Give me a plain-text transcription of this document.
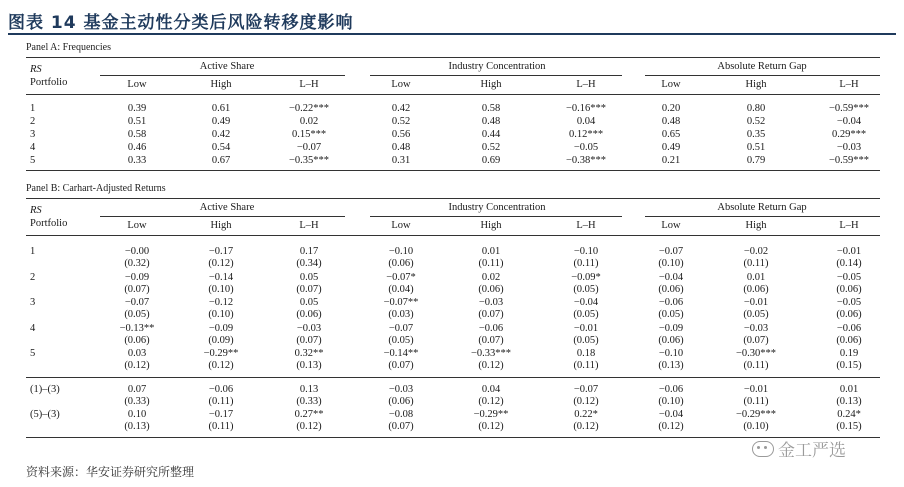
图表 14 基金主动性分类后风险转移度影响
Panel A: Frequencies
Panel B: Carhart-Adjusted Returns
RS
Portfolio
Active Share
Low	High	L–H
Industry Concentration
Low	High	L–H
Absolute Return Gap
Low	High	L–H
1	0.39	0.61	−0.22***	0.42	0.58	−0.16***	0.20	0.80	−0.59***
2	0.51	0.49	0.02	0.52	0.48	0.04	0.48	0.52	−0.04
3	0.58	0.42	0.15***	0.56	0.44	0.12***	0.65	0.35	0.29***
4	0.46	0.54	−0.07	0.48	0.52	−0.05	0.49	0.51	−0.03
5	0.33	0.67	−0.35***	0.31	0.69	−0.38***	0.21	0.79	−0.59***
RS
Portfolio
Active Share
Low	High	L–H
Industry Concentration
Low	High	L–H
Absolute Return Gap
Low	High	L–H
1	−0.00	−0.17	0.17	−0.10	0.01	−0.10	−0.07	−0.02	−0.01
(0.32)	(0.12)	(0.34)	(0.06)	(0.11)	(0.11)	(0.10)	(0.11)	(0.14)
2	−0.09	−0.14	0.05	−0.07*	0.02	−0.09*	−0.04	0.01	−0.05
(0.07)	(0.10)	(0.07)	(0.04)	(0.06)	(0.05)	(0.06)	(0.06)	(0.06)
3	−0.07	−0.12	0.05	−0.07**	−0.03	−0.04	−0.06	−0.01	−0.05
(0.05)	(0.10)	(0.06)	(0.03)	(0.07)	(0.05)	(0.05)	(0.05)	(0.06)
4	−0.13**	−0.09	−0.03	−0.07	−0.06	−0.01	−0.09	−0.03	−0.06
(0.06)	(0.09)	(0.07)	(0.05)	(0.07)	(0.05)	(0.06)	(0.07)	(0.06)
5	0.03	−0.29**	0.32**	−0.14**	−0.33***	0.18	−0.10	−0.30***	0.19
(0.12)	(0.12)	(0.13)	(0.07)	(0.12)	(0.11)	(0.13)	(0.11)	(0.15)
(1)–(3)	0.07	−0.06	0.13	−0.03	0.04	−0.07	−0.06	−0.01	0.01
(0.33)	(0.11)	(0.33)	(0.06)	(0.12)	(0.12)	(0.10)	(0.11)	(0.13)
(5)–(3)	0.10	−0.17	0.27**	−0.08	−0.29**	0.22*	−0.04	−0.29***	0.24*
(0.13)	(0.11)	(0.12)	(0.07)	(0.12)	(0.12)	(0.12)	(0.10)	(0.15)
资料来源：华安证券研究所整理
金工严选
